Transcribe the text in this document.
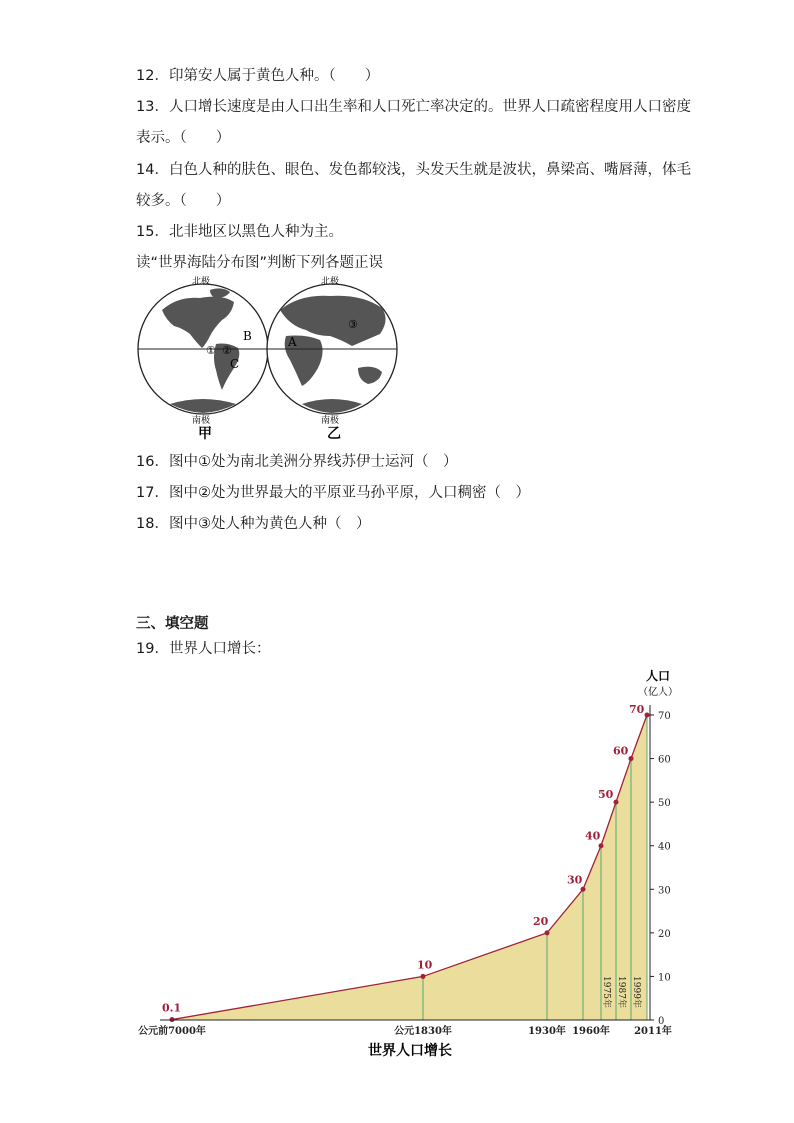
12．印第安人属于黄色人种。（　　）
13．人口增长速度是由人口出生率和人口死亡率决定的。世界人口疏密程度用人口密度
表示。（　　）
14．白色人种的肤色、眼色、发色都较浅，头发天生就是波状，鼻梁高、嘴唇薄，体毛
较多。（　　）
15．北非地区以黑色人种为主。
读“世界海陆分布图”判断下列各题正误
北极
南极
B
C
① ②
甲
北极
南极
A
③
乙
16．图中①处为南北美洲分界线苏伊士运河（　）
17．图中②处为世界最大的平原亚马孙平原，人口稠密（　）
18．图中③处人种为黄色人种（　）
三、填空题
19．世界人口增长：
0.1
10
20
30
40
50
60
70
1975年 1987年 1999年
0
10
20
30
40
50
60
70
公元前7000年	公元1830年	1930年 1960年 2011年
人口
（亿人）
世界人口增长
